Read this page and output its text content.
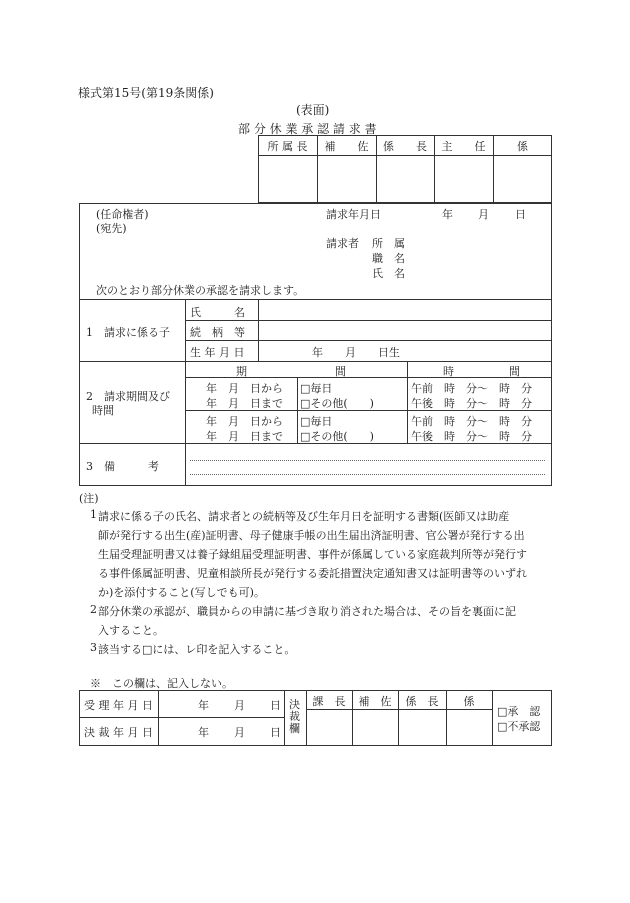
様式第15号(第19条関係)
(表面)
部 分 休 業 承 認 請 求 書
所 属 長	補　　佐	係　　長	主　　任	係
(任命権者)
(宛先)
請求年月日	年 月 日
請求者 所　属
職　名
氏　名
次のとおり部分休業の承認を請求します。
1　請求に係る子
氏　　　名
続　柄　等
生 年 月 日	年　　月　　日生
2　請求期間及び
時間
期　　　　　　　　間	時　　　　　間
年　月　日から □毎日	午前　時　分～　時　分
年　月　日まで □その他(　　)	午後　時　分～　時　分
年　月　日から □毎日	午前　時　分～　時　分
年　月　日まで □その他(　　)	午後　時　分～　時　分
3　備　　　考
(注)
1 請求に係る子の氏名、請求者との続柄等及び生年月日を証明する書類(医師又は助産
師が発行する出生(産)証明書、母子健康手帳の出生届出済証明書、官公署が発行する出
生届受理証明書又は養子縁組届受理証明書、事件が係属している家庭裁判所等が発行す
る事件係属証明書、児童相談所長が発行する委託措置決定通知書又は証明書等のいずれ
か)を添付すること(写しでも可)。
2 部分休業の承認が、職員からの申請に基づき取り消された場合は、その旨を裏面に記
入すること。
3 該当する□には、レ印を記入すること。
※　この欄は、記入しない。
受 理 年 月 日	年 月 日
決 裁 年 月 日	年 月 日
決
裁
欄
課　長	補　佐	係　長	係
□承　認
□不承認
